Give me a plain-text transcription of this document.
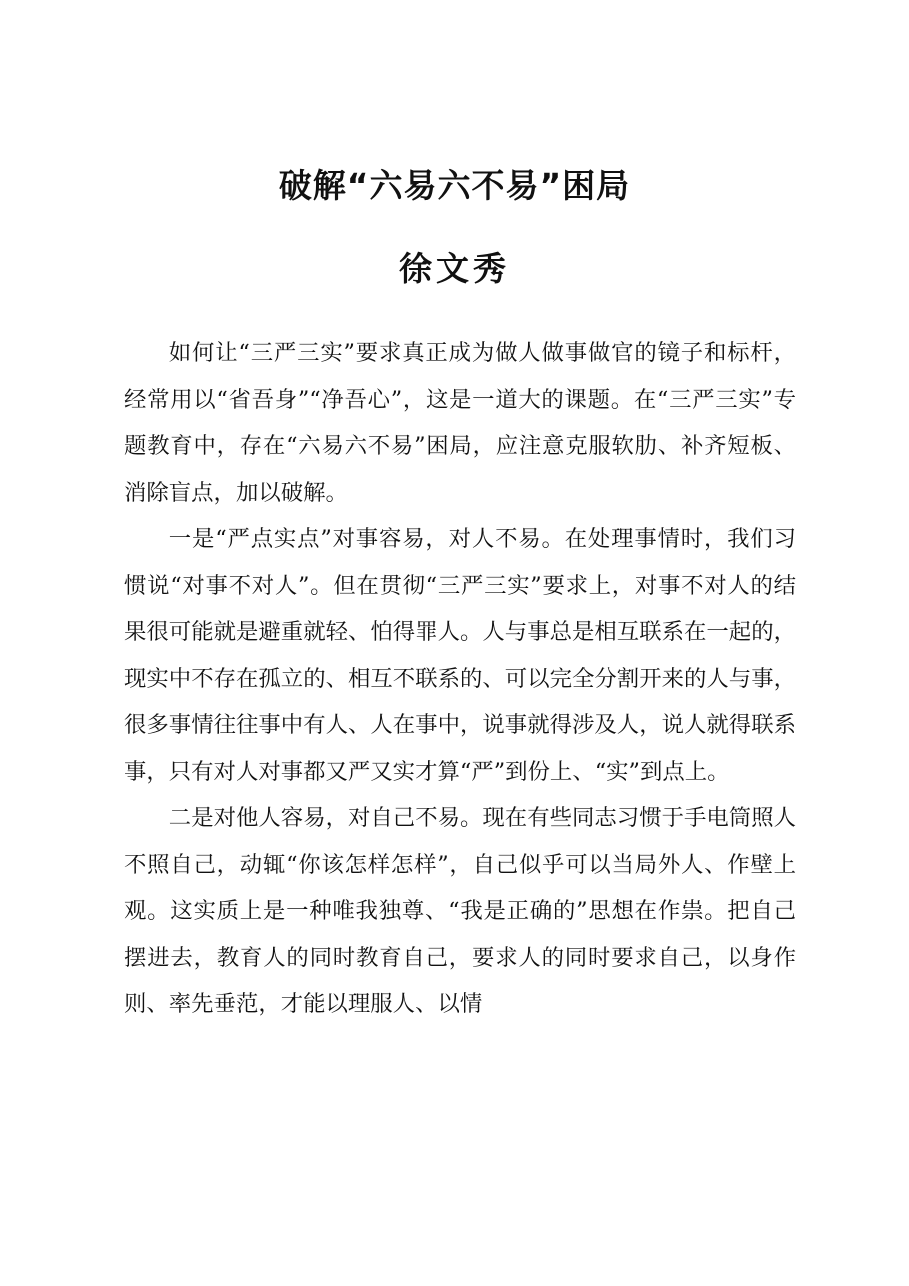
破解“六易六不易”困局
徐文秀

如何让“三严三实”要求真正成为做人做事做官的镜子和标杆，经常用以“省吾身”“净吾心”，这是一道大的课题。在“三严三实”专题教育中，存在“六易六不易”困局，应注意克服软肋、补齐短板、消除盲点，加以破解。

一是“严点实点”对事容易，对人不易。在处理事情时，我们习惯说“对事不对人”。但在贯彻“三严三实”要求上，对事不对人的结果很可能就是避重就轻、怕得罪人。人与事总是相互联系在一起的，现实中不存在孤立的、相互不联系的、可以完全分割开来的人与事，很多事情往往事中有人、人在事中，说事就得涉及人，说人就得联系事，只有对人对事都又严又实才算“严”到份上、“实”到点上。

二是对他人容易，对自己不易。现在有些同志习惯于手电筒照人不照自己，动辄“你该怎样怎样”，自己似乎可以当局外人、作壁上观。这实质上是一种唯我独尊、“我是正确的”思想在作祟。把自己摆进去，教育人的同时教育自己，要求人的同时要求自己，以身作则、率先垂范，才能以理服人、以情
